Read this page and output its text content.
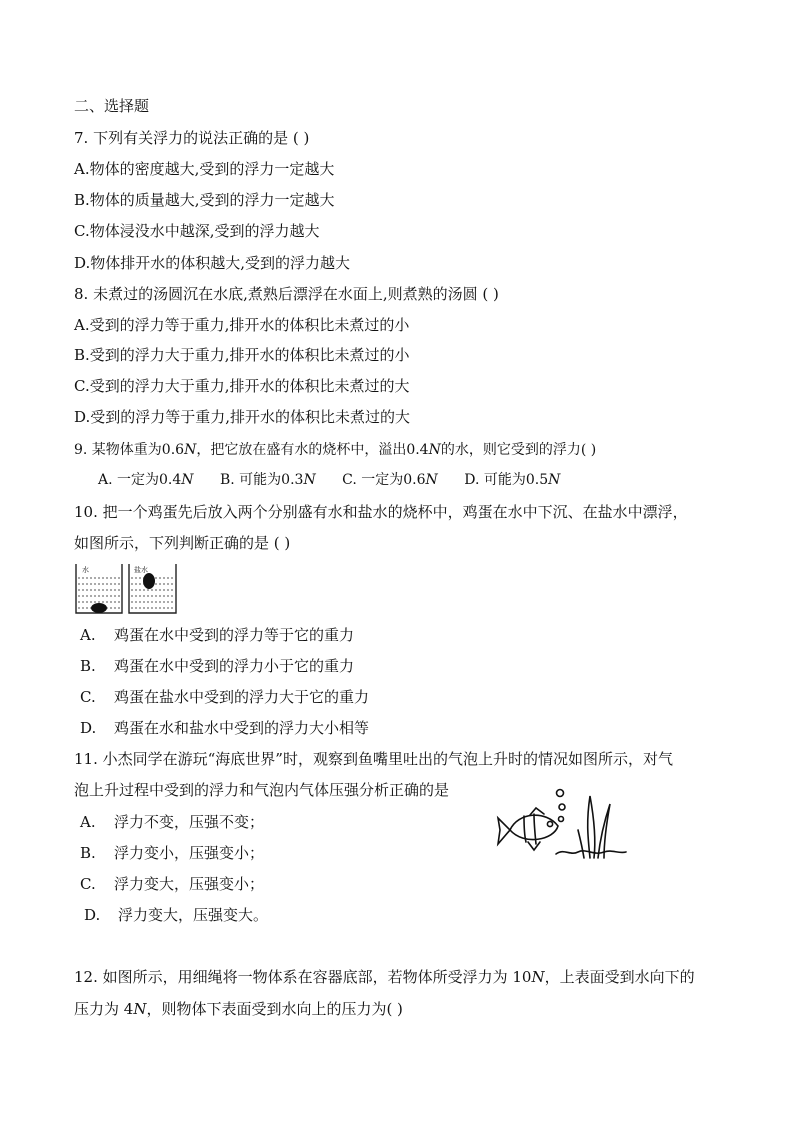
二、选择题
7. 下列有关浮力的说法正确的是 ( )
A.物体的密度越大,受到的浮力一定越大
B.物体的质量越大,受到的浮力一定越大
C.物体浸没水中越深,受到的浮力越大
D.物体排开水的体积越大,受到的浮力越大
8. 未煮过的汤圆沉在水底,煮熟后漂浮在水面上,则煮熟的汤圆 ( )
A.受到的浮力等于重力,排开水的体积比未煮过的小
B.受到的浮力大于重力,排开水的体积比未煮过的小
C.受到的浮力大于重力,排开水的体积比未煮过的大
D.受到的浮力等于重力,排开水的体积比未煮过的大
9. 某物体重为0.6N，把它放在盛有水的烧杯中，溢出0.4N的水，则它受到的浮力( )
A. 一定为0.4N B. 可能为0.3N C. 一定为0.6N D. 可能为0.5N
10. 把一个鸡蛋先后放入两个分别盛有水和盐水的烧杯中，鸡蛋在水中下沉、在盐水中漂浮，
如图所示，下列判断正确的是 ( )
水	盐水
A. 鸡蛋在水中受到的浮力等于它的重力
B. 鸡蛋在水中受到的浮力小于它的重力
C. 鸡蛋在盐水中受到的浮力大于它的重力
D. 鸡蛋在水和盐水中受到的浮力大小相等
11. 小杰同学在游玩“海底世界”时，观察到鱼嘴里吐出的气泡上升时的情况如图所示，对气
泡上升过程中受到的浮力和气泡内气体压强分析正确的是
A. 浮力不变，压强不变；
B. 浮力变小，压强变小；
C. 浮力变大，压强变小；
D. 浮力变大，压强变大。
12. 如图所示，用细绳将一物体系在容器底部，若物体所受浮力为 10N，上表面受到水向下的
压力为 4N，则物体下表面受到水向上的压力为( )
